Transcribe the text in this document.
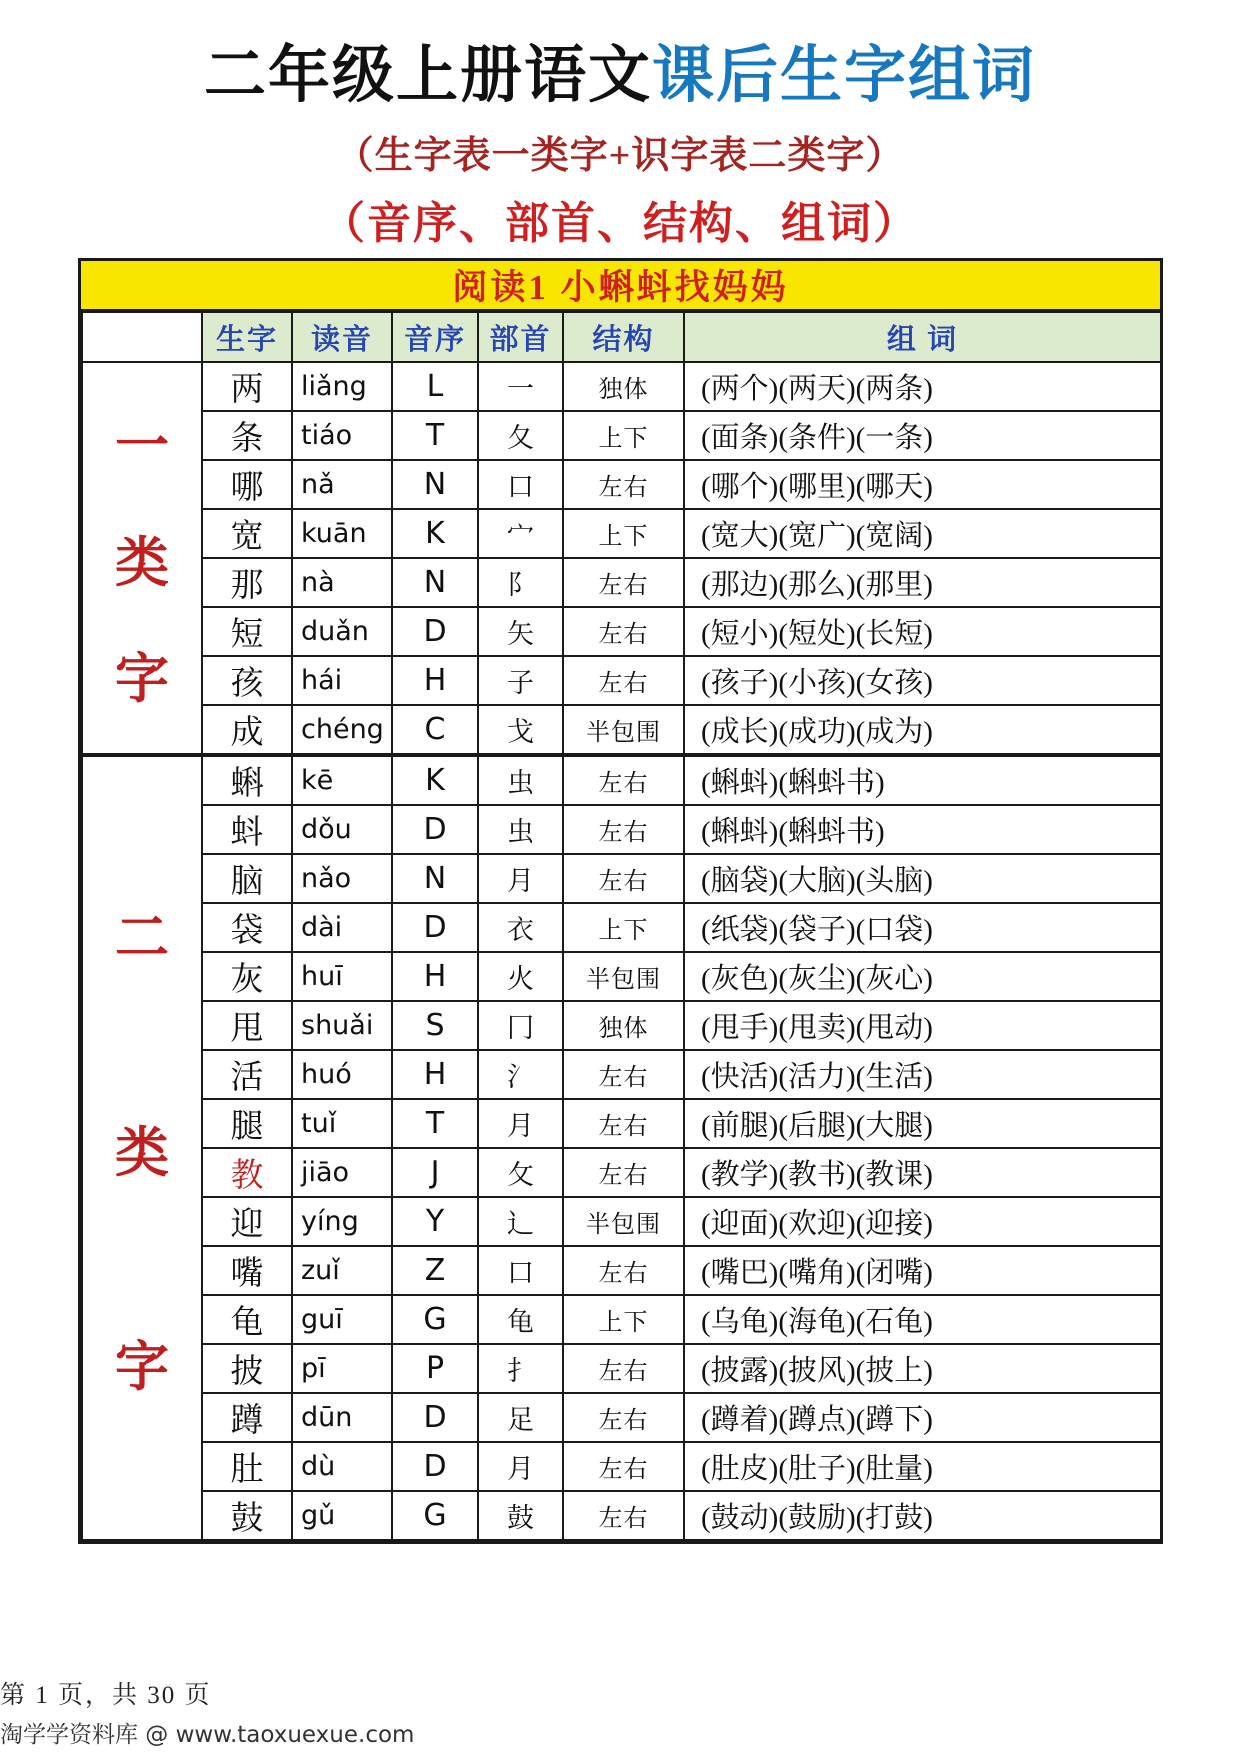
二年级上册语文课后生字组词
（生字表一类字+识字表二类字）
（音序、部首、结构、组词）
阅读1 小蝌蚪找妈妈
	生字	读音	音序	部首	结构	组 词

一
类
字	两	liǎng	L	一	独体	(两个)(两天)(两条)
	条	tiáo	T	夂	上下	(面条)(条件)(一条)
	哪	nǎ	N	口	左右	(哪个)(哪里)(哪天)
	宽	kuān	K	宀	上下	(宽大)(宽广)(宽阔)
	那	nà	N	阝	左右	(那边)(那么)(那里)
	短	duǎn	D	矢	左右	(短小)(短处)(长短)
	孩	hái	H	子	左右	(孩子)(小孩)(女孩)
	成	chéng	C	戈	半包围	(成长)(成功)(成为)

二
类
字	蝌	kē	K	虫	左右	(蝌蚪)(蝌蚪书)
	蚪	dǒu	D	虫	左右	(蝌蚪)(蝌蚪书)
	脑	nǎo	N	月	左右	(脑袋)(大脑)(头脑)
	袋	dài	D	衣	上下	(纸袋)(袋子)(口袋)
	灰	huī	H	火	半包围	(灰色)(灰尘)(灰心)
	甩	shuǎi	S	冂	独体	(甩手)(甩卖)(甩动)
	活	huó	H	氵	左右	(快活)(活力)(生活)
	腿	tuǐ	T	月	左右	(前腿)(后腿)(大腿)
	教	jiāo	J	攵	左右	(教学)(教书)(教课)
	迎	yíng	Y	辶	半包围	(迎面)(欢迎)(迎接)
	嘴	zuǐ	Z	口	左右	(嘴巴)(嘴角)(闭嘴)
	龟	guī	G	龟	上下	(乌龟)(海龟)(石龟)
	披	pī	P	扌	左右	(披露)(披风)(披上)
	蹲	dūn	D	足	左右	(蹲着)(蹲点)(蹲下)
	肚	dù	D	月	左右	(肚皮)(肚子)(肚量)
	鼓	gǔ	G	鼓	左右	(鼓动)(鼓励)(打鼓)
第 1 页，共 30 页
淘学学资料库 @ www.taoxuexue.com
